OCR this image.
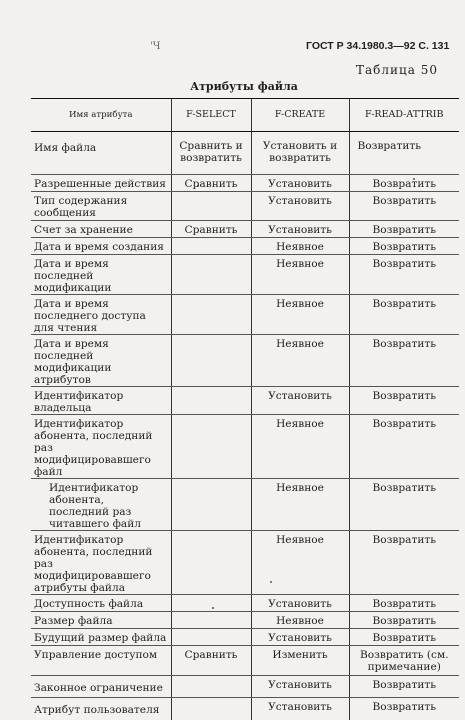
'Ч	ГОСТ Р 34.1980.3—92 С. 131
Таблица 50
Атрибуты файла
Имя атрибута	F-SELECT	F-CREATE	F-READ-ATTRIB
Имя файла	Сравнить и возвратить	Установить и возвратить	Возвратить
Разрешенные действия	Сравнить	Установить	Возвратить
Тип содержания сообщения		Установить	Возвратить
Счет за хранение	Сравнить	Установить	Возвратить
Дата и время создания		Неявное	Возвратить
Дата и время последней модификации		Неявное	Возвратить
Дата и время последнего доступа для чтения		Неявное	Возвратить
Дата и время последней модификации атрибутов		Неявное	Возвратить
Идентификатор владельца		Установить	Возвратить
Идентификатор абонента, последний раз модифицировавшего файл		Неявное	Возвратить
Идентификатор абонента, последний раз читавшего файл		Неявное	Возвратить
Идентификатор абонента, последний раз модифицировавшего атрибуты файла		Неявное	Возвратить
Доступность файла		Установить	Возвратить
Размер файла		Неявное	Возвратить
Будущий размер файла		Установить	Возвратить
Управление доступом	Сравнить	Изменить	Возвратить (см. примечание)
Законное ограничение		Установить	Возвратить
Атрибут пользователя		Установить	Возвратить
